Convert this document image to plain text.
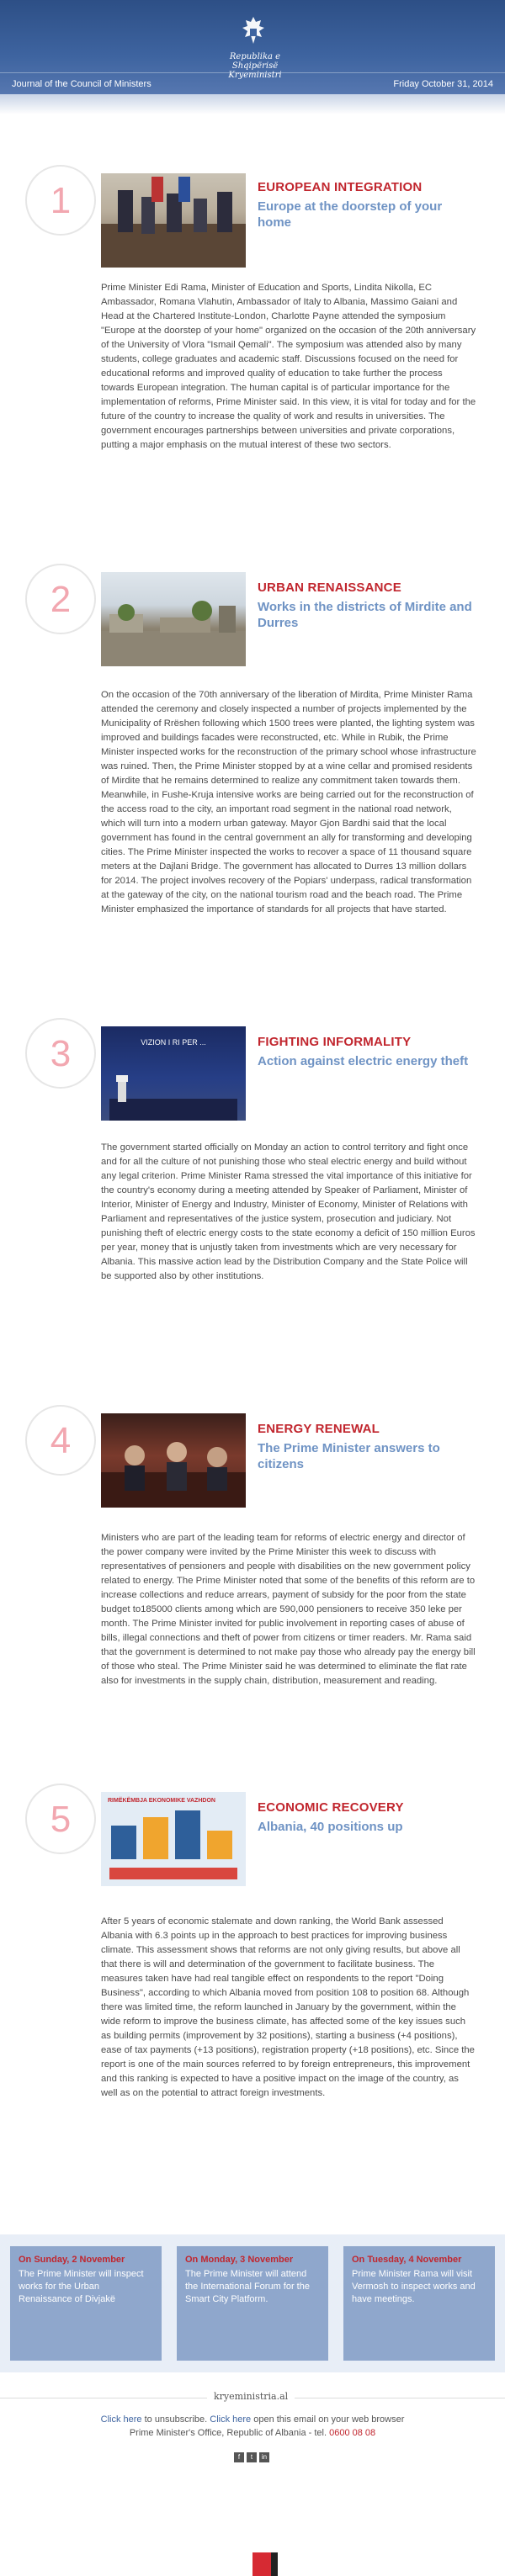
Republika e Shqipërisë
Kryeministri
Journal of the Council of Ministers	Friday October 31, 2014
1	EUROPEAN INTEGRATION
Europe at the doorstep of your home
Prime Minister Edi Rama, Minister of Education and Sports, Lindita Nikolla, EC Ambassador, Romana Vlahutin, Ambassador of Italy to Albania, Massimo Gaiani and Head at the Chartered Institute-London, Charlotte Payne attended the symposium "Europe at the doorstep of your home" organized on the occasion of the 20th anniversary of the University of Vlora "Ismail Qemali". The symposium was attended also by many students, college graduates and academic staff. Discussions focused on the need for educational reforms and improved quality of education to take further the process towards European integration. The human capital is of particular importance for the implementation of reforms, Prime Minister said. In this view, it is vital for today and for the future of the country to increase the quality of work and results in universities. The government encourages partnerships between universities and private corporations, putting a major emphasis on the mutual interest of these two sectors.
2	URBAN RENAISSANCE
Works in the districts of Mirdite and Durres
On the occasion of the 70th anniversary of the liberation of Mirdita, Prime Minister Rama attended the ceremony and closely inspected a number of projects implemented by the Municipality of Rrëshen following which 1500 trees were planted, the lighting system was improved and buildings facades were reconstructed, etc. While in Rubik, the Prime Minister inspected works for the reconstruction of the primary school whose infrastructure was ruined. Then, the Prime Minister stopped by at a wine cellar and promised residents of Mirdite that he remains determined to realize any commitment taken towards them. Meanwhile, in Fushe-Kruja intensive works are being carried out for the reconstruction of the access road to the city, an important road segment in the national road network, which will turn into a modern urban gateway. Mayor Gjon Bardhi said that the local government has found in the central government an ally for transforming and developing cities. The Prime Minister inspected the works to recover a space of 11 thousand square meters at the Dajlani Bridge. The government has allocated to Durres 13 million dollars for 2014. The project involves recovery of the Popiars' underpass, radical transformation at the gateway of the city, on the national tourism road and the beach road. The Prime Minister emphasized the importance of standards for all projects that have started.
3	VIZION I RI PER ...	FIGHTING INFORMALITY
Action against electric energy theft
The government started officially on Monday an action to control territory and fight once and for all the culture of not punishing those who steal electric energy and build without any legal criterion. Prime Minister Rama stressed the vital importance of this initiative for the country's economy during a meeting attended by Speaker of Parliament, Minister of Interior, Minister of Energy and Industry, Minister of Economy, Minister of Relations with Parliament and representatives of the justice system, prosecution and judiciary. Not punishing theft of electric energy costs to the state economy a deficit of 150 million Euros per year, money that is unjustly taken from investments which are very necessary for Albania. This massive action lead by the Distribution Company and the State Police will be supported also by other institutions.
4	ENERGY RENEWAL
The Prime Minister answers to citizens
Ministers who are part of the leading team for reforms of electric energy and director of the power company were invited by the Prime Minister this week to discuss with representatives of pensioners and people with disabilities on the new government policy related to energy. The Prime Minister noted that some of the benefits of this reform are to increase collections and reduce arrears, payment of subsidy for the poor from the state budget to185000 clients among which are 590,000 pensioners to receive 350 leke per month. The Prime Minister invited for public involvement in reporting cases of abuse of bills, illegal connections and theft of power from citizens or timer readers. Mr. Rama said that the government is determined to not make pay those who already pay the energy bill of those who steal. The Prime Minister said he was determined to eliminate the flat rate also for investments in the supply chain, distribution, measurement and reading.
5	RIMËKËMBJA EKONOMIKE VAZHDON	ECONOMIC RECOVERY
Albania, 40 positions up
After 5 years of economic stalemate and down ranking, the World Bank assessed Albania with 6.3 points up in the approach to best practices for improving business climate. This assessment shows that reforms are not only giving results, but above all that there is will and determination of the government to facilitate business. The measures taken have had real tangible effect on respondents to the report "Doing Business", according to which Albania moved from position 108 to position 68. Although there was limited time, the reform launched in January by the government, within the wide reform to improve the business climate, has affected some of the key issues such as building permits (improvement by 32 positions), starting a business (+4 positions), ease of tax payments (+13 positions), registration property (+18 positions), etc. Since the report is one of the main sources referred to by foreign entrepreneurs, this improvement and this ranking is expected to have a positive impact on the image of the country, as well as on the potential to attract foreign investments.
On Sunday, 2 November
The Prime Minister will inspect works for the Urban Renaissance of Divjakë
On Monday, 3 November
The Prime Minister will attend the International Forum for the Smart City Platform.
On Tuesday, 4 November
Prime Minister Rama will visit Vermosh to inspect works and have meetings.
kryeministria.al
Click here to unsubscribe. Click here open this email on your web browser
Prime Minister's Office, Republic of Albania - tel. 0600 08 08
f t in
